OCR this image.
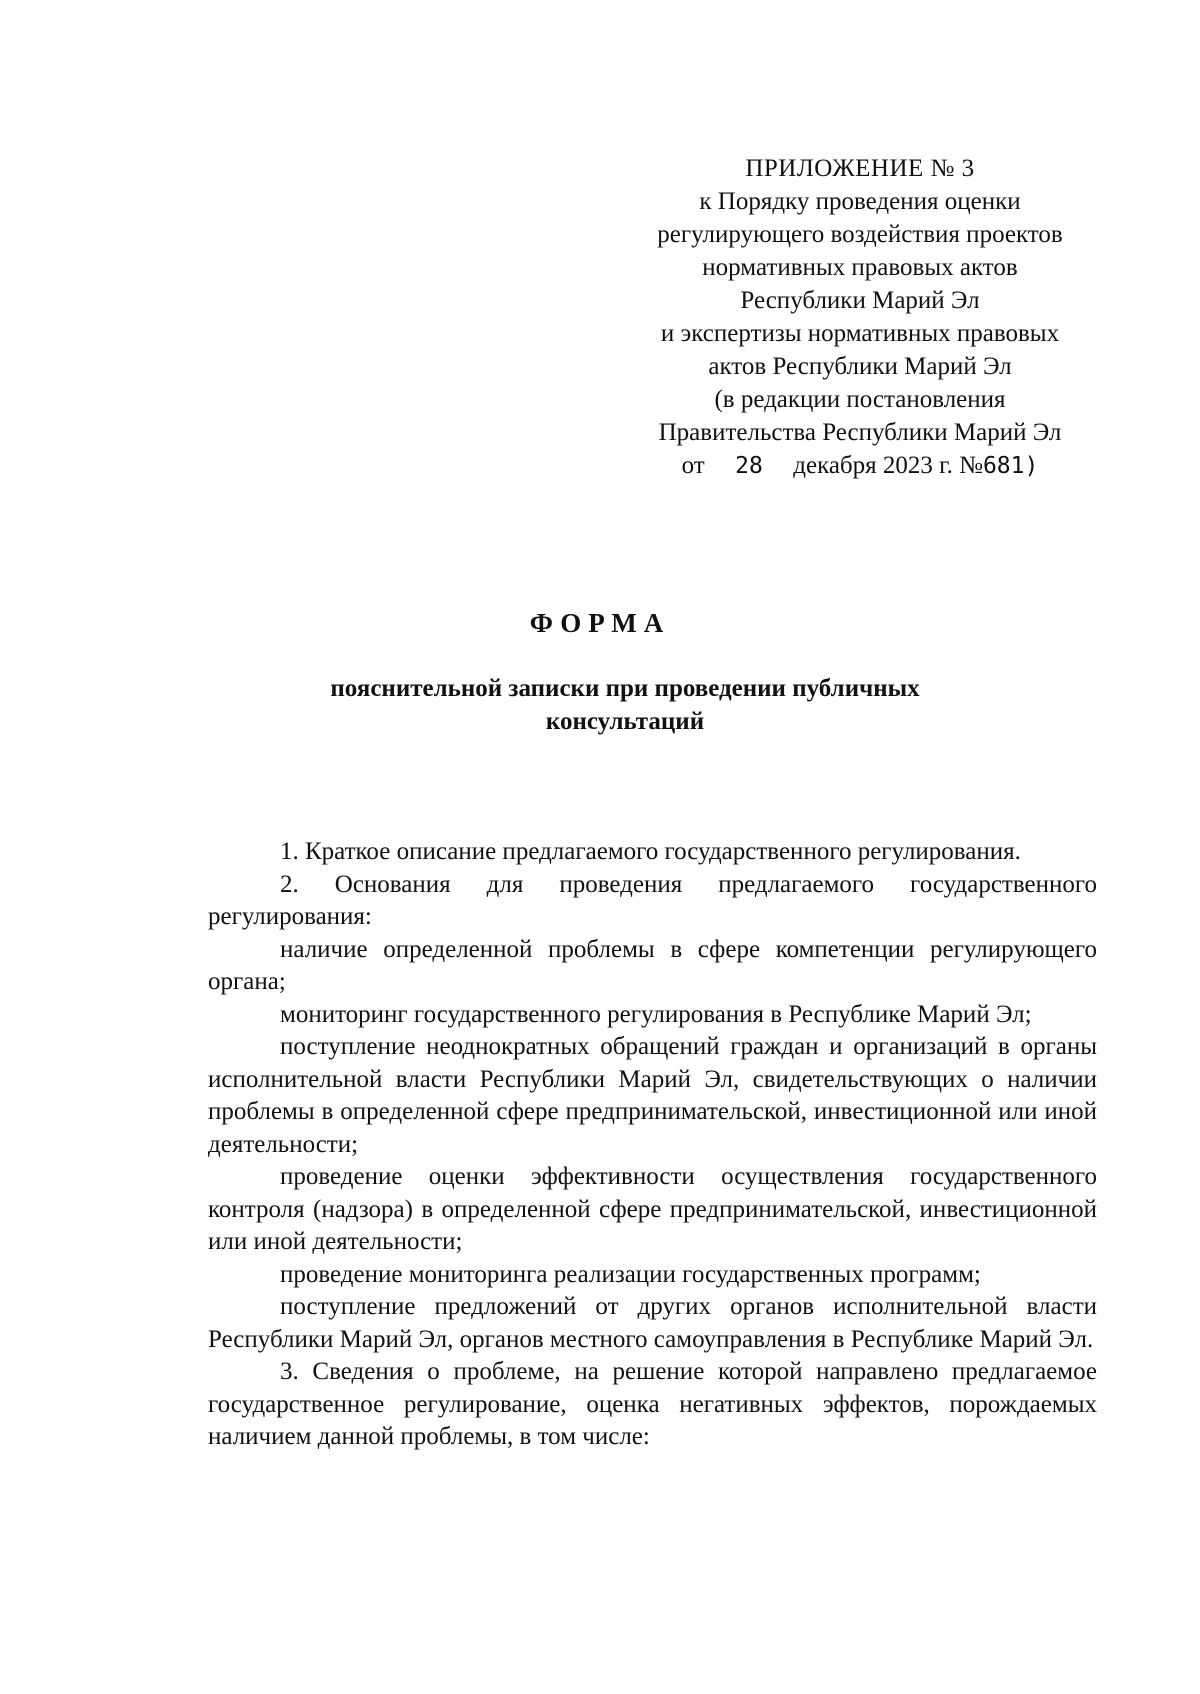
ПРИЛОЖЕНИЕ № 3
к Порядку проведения оценки
регулирующего воздействия проектов
нормативных правовых актов
Республики Марий Эл
и экспертизы нормативных правовых
актов Республики Марий Эл
(в редакции постановления
Правительства Республики Марий Эл
от 28 декабря 2023 г. №681)
ФОРМА
пояснительной записки при проведении публичных
консультаций

1. Краткое описание предлагаемого государственного регулирования.

2. Основания для проведения предлагаемого государственного регулирования:

наличие определенной проблемы в сфере компетенции регулирующего органа;

мониторинг государственного регулирования в Республике Марий Эл;

поступление неоднократных обращений граждан и организаций в органы исполнительной власти Республики Марий Эл, свидетельствующих о наличии проблемы в определенной сфере предпринимательской, инвестиционной или иной деятельности;

проведение оценки эффективности осуществления государственного контроля (надзора) в определенной сфере предпринимательской, инвестиционной или иной деятельности;

проведение мониторинга реализации государственных программ;

поступление предложений от других органов исполнительной власти Республики Марий Эл, органов местного самоуправления в Республике Марий Эл.

3. Сведения о проблеме, на решение которой направлено предлагаемое государственное регулирование, оценка негативных эффектов, порождаемых наличием данной проблемы, в том числе:
